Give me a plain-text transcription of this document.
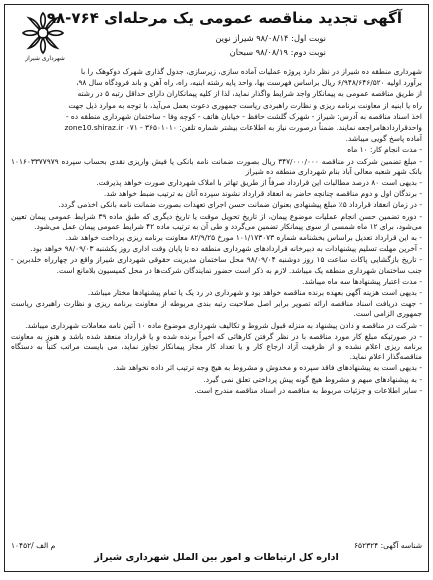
شهرداری شیراز
آگهی تجدید مناقصه عمومی یک مرحله‌ای ۷۶۴-۹۸
نوبت اول: ۹۸/۰۸/۱۴ شیراز نوین
نوبت دوم: ۹۸/۰۸/۱۹ سبحان
شهرداری منطقه ده شیراز در نظر دارد پروژه عملیات آماده سازی، زیرسازی، جدول گذاری شهرک دوکوهک را با
برآورد اولیه ۶/۹۴۸/۶۴۶/۵۲۰ ریال براساس فهرست بها، واحد پایه رشته ابنیه، راه، راه آهن و باند فرودگاه سال ۹۸،
از طریق مناقصه عمومی به پیمانکار واجد شرایط واگذار نماید، لذا از کلیه پیمانکاران دارای حداقل رتبه ۵ در رشته
راه یا ابنیه از معاونت برنامه ریزی و نظارت راهبردی ریاست جمهوری دعوت بعمل می‌آید، با توجه به موارد ذیل جهت
اخذ اسناد مناقصه به آدرس: شیراز - شهرک گلشت حافظ - خیابان هاتف - کوچه وفا - ساختمان شهرداری منطقه ده -
واحدقراردادهامراجعه نمایند. ضمناً درصورت نیاز به اطلاعات بیشتر شماره تلفن: ۳۶۵۰۱۰۱۰ - ۰۷۱ zone10.shiraz.ir
آماده پاسخ گویی میباشد.
- مدت انجام کار: ۱۰ ماه
- مبلغ تضمین شرکت در مناقصه ۳۴۷/۰۰۰/۰۰۰ ریال بصورت ضمانت نامه بانکی یا فیش واریزی نقدی بحساب سپرده ۱۰۱۶۰۳۳۷۷۹۷۹ بانک شهر شعبه معالی آباد بنام شهرداری منطقه ده شیراز
- بدیهی است ۸۰ درصد مطالبات این قرارداد صرفاً از طریق تهاتر با املاک شهرداری صورت خواهد پذیرفت.
- برندگان اول و دوم مناقصه چنانچه حاضر به انعقاد قرارداد نشوند سپرده آنان به ترتیب ضبط خواهد شد.
- در زمان انعقاد قرارداد ۵٪ مبلغ پیشنهادی بعنوان ضمانت حسن اجرای تعهدات بصورت ضمانت نامه بانکی اخذمی گردد.
- دوره تضمین حسن انجام عملیات موضوع پیمان، از تاریخ تحویل موقت یا تاریخ دیگری که طبق ماده ۳۹ شرایط عمومی پیمان تعیین می‌شود، برای ۱۲ ماه شمسی از سوی پیمانکار تضمین می‌گردد و طی آن به ترتیب ماده ۴۲ شرایط عمومی پیمان عمل می‌شود.
- به این قرارداد تعدیل براساس بخشنامه شماره ۱۰۱/۱۷۳۰۷۳ مورخ ۸۲/۹/۲۵ معاونت برنامه ریزی پرداخت خواهد شد.
- آخرین مهلت تسلیم پیشنهادات به دبیرخانه قراردادهای شهرداری منطقه ده تا پایان وقت اداری روز یکشنبه ۹۸/۰۹/۰۳ خواهد بود.
- تاریخ بازگشایی پاکات ساعت ۱۵ روز دوشنبه ۹۸/۰۹/۰۴ محل ساختمان مدیریت حقوقی شهرداری شیراز واقع در چهارراه خلدبرین - جنب ساختمان شهرداری منطقه یک میباشد. لازم به ذکر است حضور نمایندگان شرکت‌ها در محل کمیسیون بلامانع است.
- مدت اعتبار پیشنهادها سه ماه میباشد.
- بدیهی است هزینه آگهی بعهده برنده مناقصه خواهد بود و شهرداری در رد یک یا تمام پیشنهادها مختار میباشد.
- جهت دریافت اسناد مناقصه ارائه تصویر برابر اصل صلاحیت رتبه بندی مربوطه از معاونت برنامه ریزی و نظارت راهبردی ریاست جمهوری الزامی است.
- شرکت در مناقصه و دادن پیشنهاد به منزله قبول شروط و تکالیف شهرداری موضوع ماده ۱۰ آئین نامه معاملات شهرداری میباشد.
- در صورتیکه مبلغ کار مورد مناقصه با در نظر گرفتن کارهائی که اخیراً برنده شده و یا قرارداد منعقد شده باشد و هنوز به معاونت برنامه ریزی اعلام نشده و از ظرفیت آزاد ارجاع کار و یا تعداد کار مجاز پیمانکار تجاوز نماید، می بایست مراتب کتباً به دستگاه مناقصه‌گذار اعلام نماید.
- بدیهی است به پیشنهادهای فاقد سپرده و مخدوش و مشروط به هیچ وجه ترتیب اثر داده نخواهد شد.
- به پیشنهادهای مبهم و مشروط هیچ گونه پیش پرداختی تعلق نمی گیرد.
- سایر اطلاعات و جزئیات مربوط به مناقصه در اسناد مناقصه مندرج است.
م الف /۱۰۴۵۲	شناسه آگهی: ۶۵۲۳۲۴
اداره کل ارتباطات و امور بین الملل شهرداری شیراز
